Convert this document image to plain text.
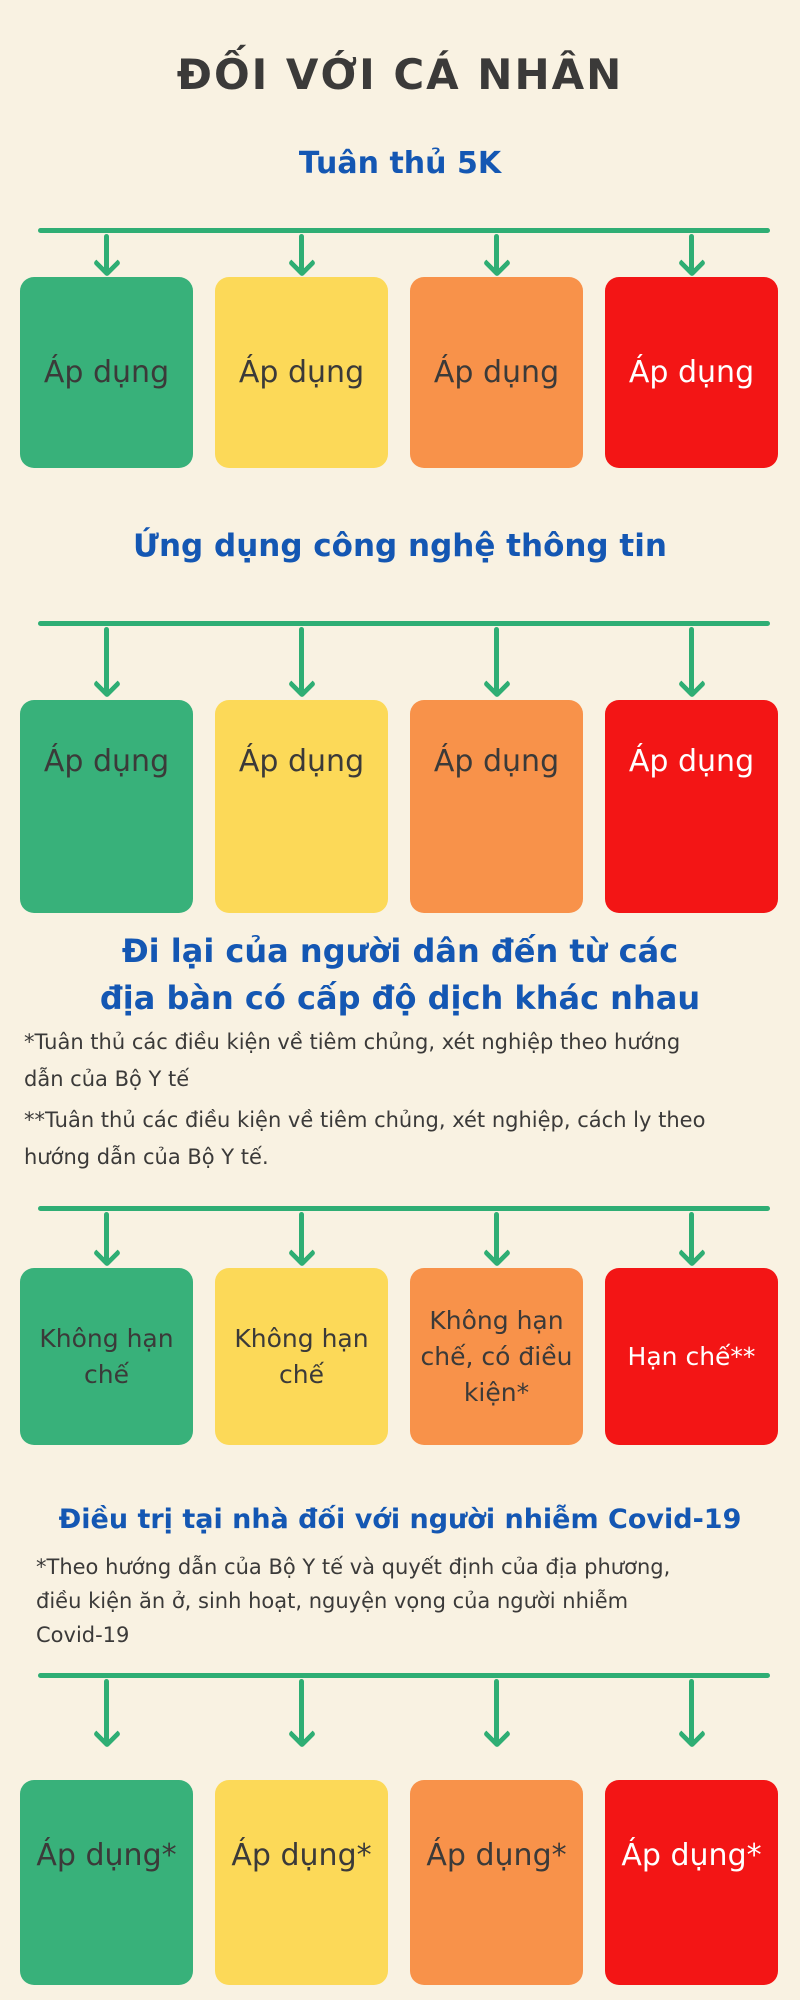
ĐỐI VỚI CÁ NHÂN
Tuân thủ 5K
Áp dụng Áp dụng Áp dụng Áp dụng
Ứng dụng công nghệ thông tin
Áp dụng Áp dụng Áp dụng Áp dụng
Đi lại của người dân đến từ các
địa bàn có cấp độ dịch khác nhau
*Tuân thủ các điều kiện về tiêm chủng, xét nghiệp theo hướng
dẫn của Bộ Y tế
**Tuân thủ các điều kiện về tiêm chủng, xét nghiệp, cách ly theo
hướng dẫn của Bộ Y tế.
Không hạn chế
Không hạn chế
Không hạn chế, có điều kiện*
Hạn chế**
Điều trị tại nhà đối với người nhiễm Covid-19
*Theo hướng dẫn của Bộ Y tế và quyết định của địa phương,
điều kiện ăn ở, sinh hoạt, nguyện vọng của người nhiễm
Covid-19
Áp dụng* Áp dụng* Áp dụng* Áp dụng*
